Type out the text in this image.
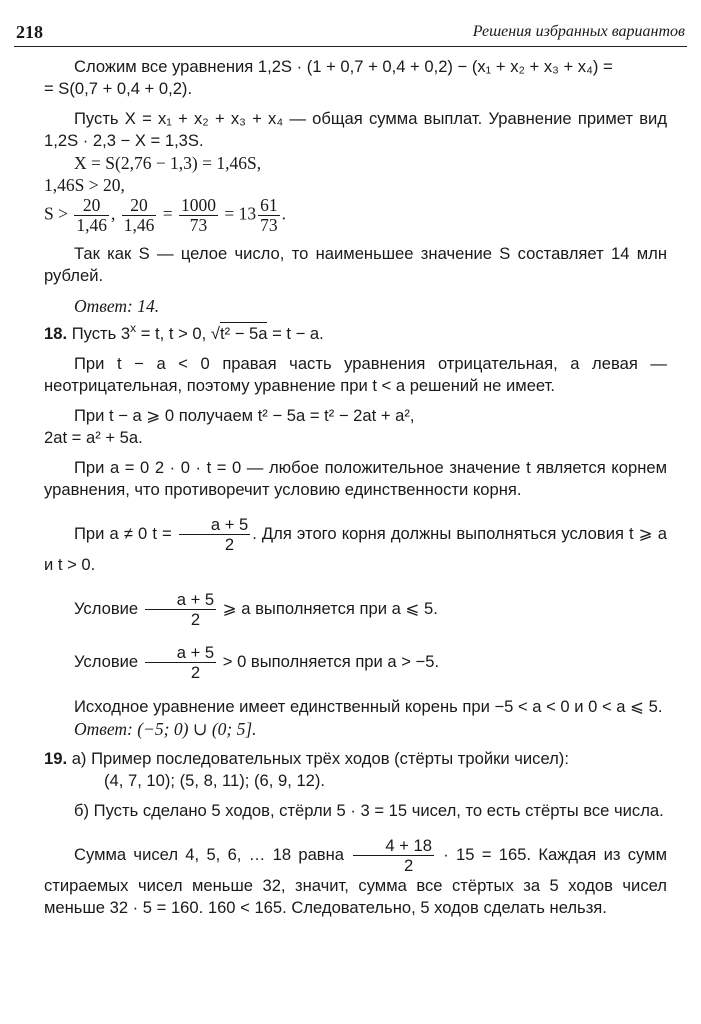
218	Решения избранных вариантов

Сложим все уравнения 1,2S · (1 + 0,7 + 0,4 + 0,2) − (x₁ + x₂ + x₃ + x₄) =

= S(0,7 + 0,4 + 0,2).

Пусть X = x₁ + x₂ + x₃ + x₄ — общая сумма выплат. Уравнение примет вид 1,2S · 2,3 − X = 1,3S.

X = S(2,76 − 1,3) = 1,46S,

1,46S > 20,

$S > \frac{20}{1,46}$ , $\frac{20}{1,46} = \frac{1000}{73} = 13 \frac{61}{73}$ .

Так как S — целое число, то наименьшее значение S составляет 14 млн рублей.

Ответ: 14.

18. Пусть $3^x = t$, t > 0, √t² − 5a = t − a.

При t − a < 0 правая часть уравнения отрицательная, а левая — неотрицательная, поэтому уравнение при t < a решений не имеет.

При t − a ⩾ 0 получаем t² − 5a = t² − 2at + a²,

2at = a² + 5a.

При a = 0 2 · 0 · t = 0 — любое положительное значение t является корнем уравнения, что противоречит условию единственности корня.

При a ≠ 0 $t = \frac{a + 5}{2}$ . Для этого корня должны выполняться условия t ⩾ a и t > 0.

Условие $\frac{a + 5}{2}$ ⩾ a выполняется при a ⩽ 5.

Условие $\frac{a + 5}{2} > 0$ выполняется при a > −5.

Исходное уравнение имеет единственный корень при −5 < a < 0 и 0 < a ⩽ 5.

Ответ: (−5; 0) ∪ (0; 5].

19. а) Пример последовательных трёх ходов (стёрты тройки чисел):

(4, 7, 10); (5, 8, 11); (6, 9, 12).

б) Пусть сделано 5 ходов, стёрли 5 · 3 = 15 чисел, то есть стёрты все числа.

Сумма чисел 4, 5, 6, … 18 равна $\frac{4 + 18}{2} \cdot 15 = 165$. Каждая из сумм стираемых чисел меньше 32, значит, сумма все стёртых за 5 ходов чисел меньше 32 · 5 = 160. 160 < 165. Следовательно, 5 ходов сделать нельзя.
